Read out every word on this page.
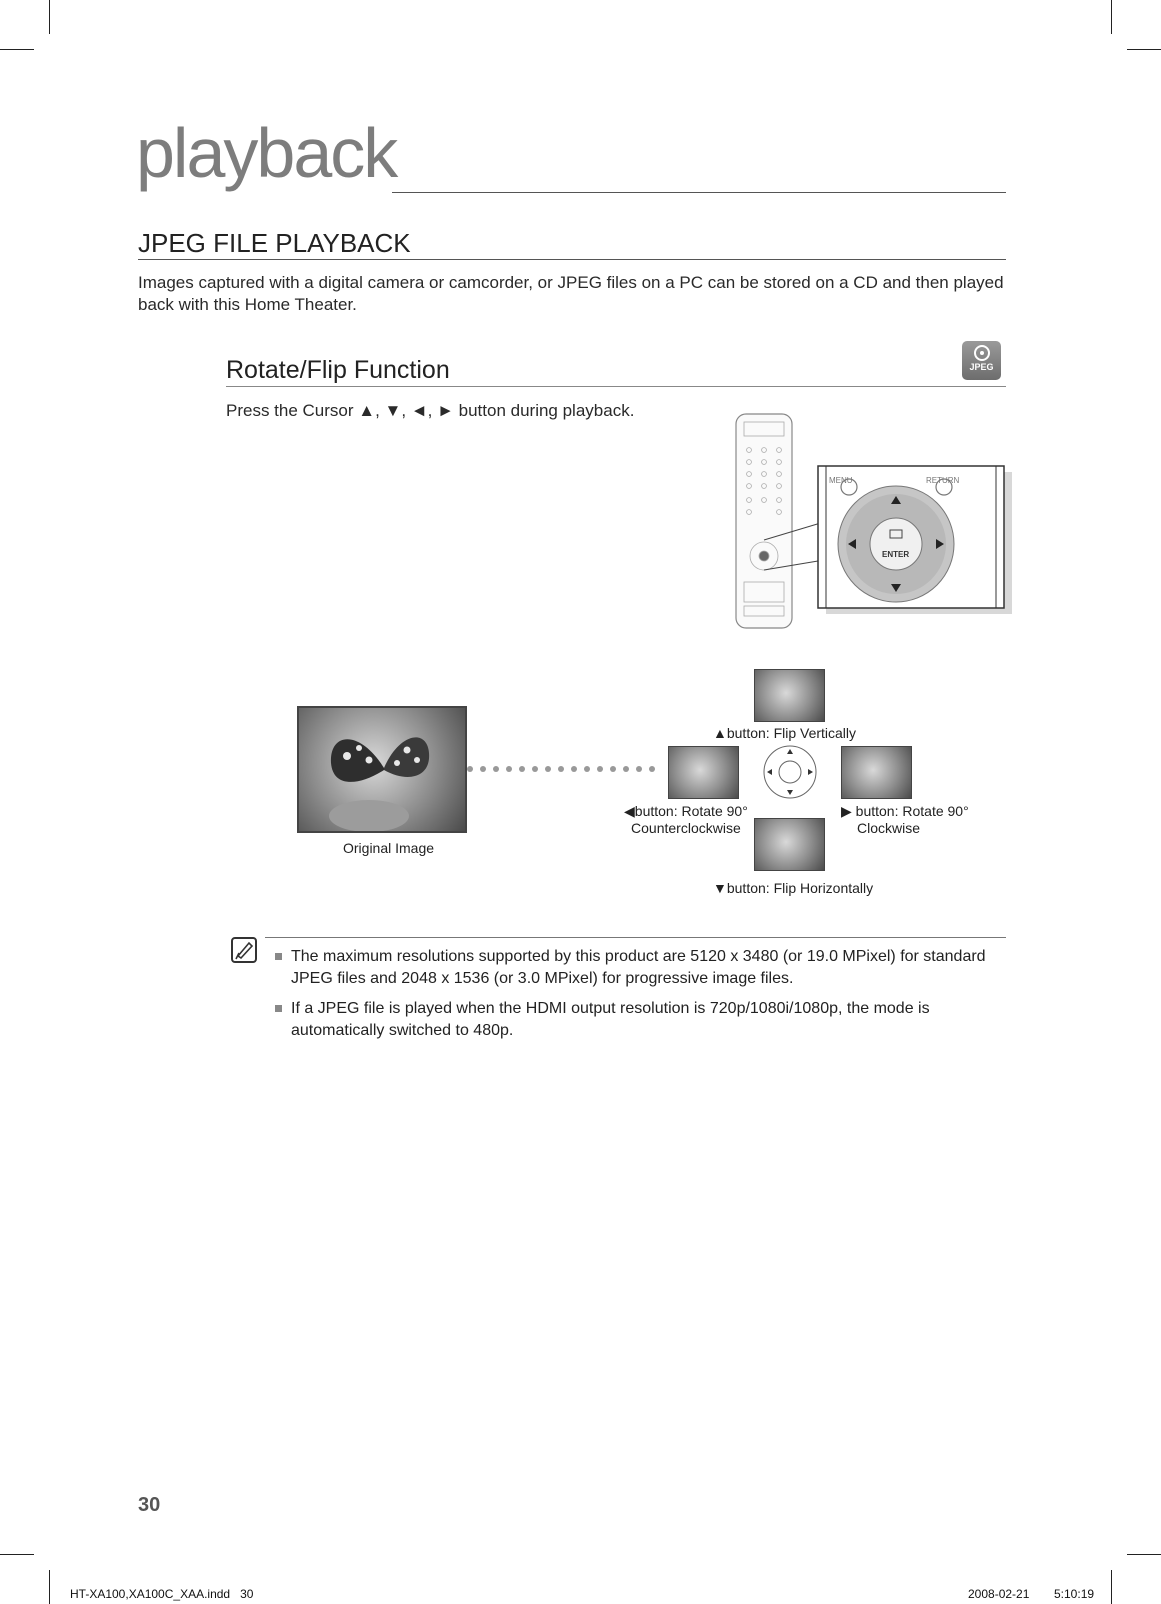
playback
JPEG FILE PLAYBACK

Images captured with a digital camera or camcorder, or JPEG files on a PC can be stored on a CD and then played back with this Home Theater.

Rotate/Flip Function	JPEG

Press the Cursor ▲, ▼, ◄, ► button during playback.

MENU	RETURN
ENTER
Original Image
▲button: Flip Vertically
◀button: Rotate 90°
Counterclockwise
▶ button: Rotate 90°
Clockwise
▼button: Flip Horizontally
The maximum resolutions supported by this product are 5120 x 3480 (or 19.0 MPixel) for standard JPEG files and 2048 x 1536 (or 3.0 MPixel) for progressive image files.
If a JPEG file is played when the HDMI output resolution is 720p/1080i/1080p, the mode is automatically switched to 480p.
30
HT-XA100,XA100C_XAA.indd   30	2008-02-21 5:10:19
